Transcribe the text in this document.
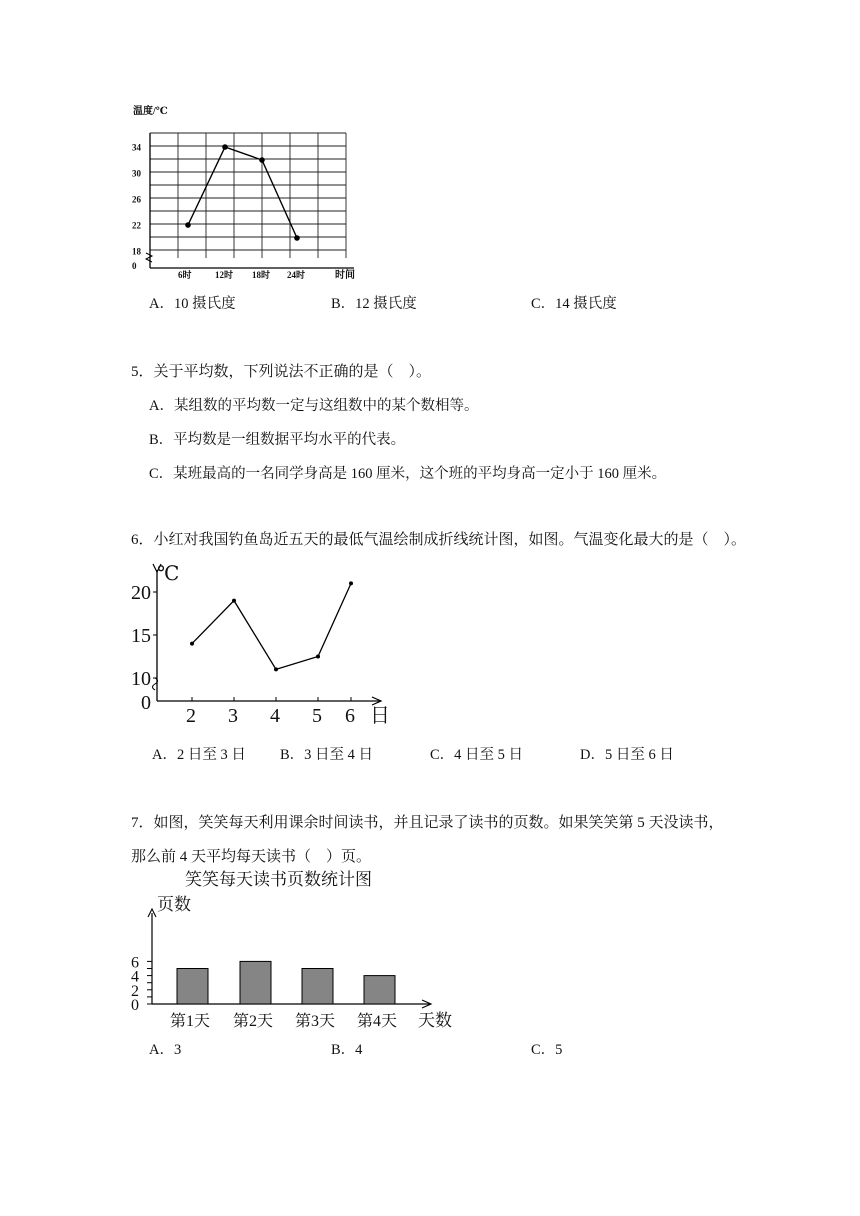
温度/℃
0
18
22
26
30
34
6时	12时 18时 24时	时间
A．10 摄氏度	B．12 摄氏度	C．14 摄氏度
5．关于平均数，下列说法不正确的是（　）。
A．某组数的平均数一定与这组数中的某个数相等。
B．平均数是一组数据平均水平的代表。
C．某班最高的一名同学身高是 160 厘米，这个班的平均身高一定小于 160 厘米。
6．小红对我国钓鱼岛近五天的最低气温绘制成折线统计图，如图。气温变化最大的是（　）。
℃
0
10
15
20
2 3 4 5 6 日
A．2 日至 3 日 B．3 日至 4 日	C．4 日至 5 日	D．5 日至 6 日
7．如图，笑笑每天利用课余时间读书，并且记录了读书的页数。如果笑笑第 5 天没读书，
那么前 4 天平均每天读书（　）页。
笑笑每天读书页数统计图
页数
0
2
4
6
第1天 第2天 第3天 第4天 天数
A．3	B．4	C．5
